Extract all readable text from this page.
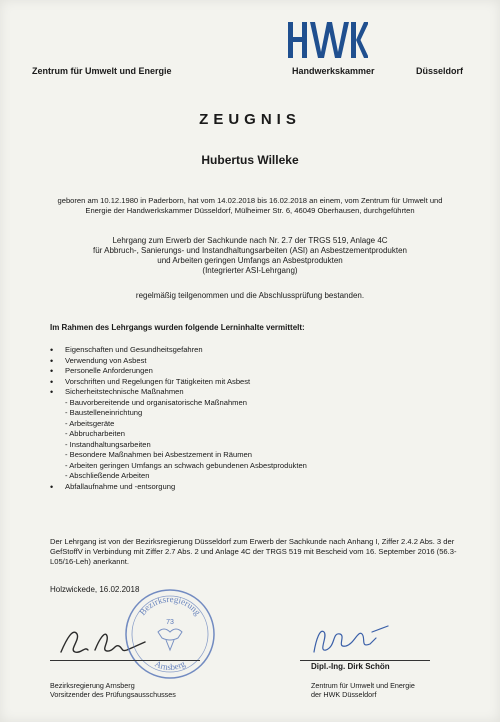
Zentrum für Umwelt und Energie	Handwerkskammer	Düsseldorf
ZEUGNIS
Hubertus Willeke
geboren am 10.12.1980 in Paderborn, hat vom 14.02.2018 bis 16.02.2018 an einem, vom Zentrum für Umwelt und Energie der Handwerkskammer Düsseldorf, Mülheimer Str. 6, 46049 Oberhausen, durchgeführten
Lehrgang zum Erwerb der Sachkunde nach Nr. 2.7 der TRGS 519, Anlage 4C
für Abbruch-, Sanierungs- und Instandhaltungsarbeiten (ASI) an Asbestzementprodukten
und Arbeiten geringen Umfangs an Asbestprodukten
(Integrierter ASI-Lehrgang)
regelmäßig teilgenommen und die Abschlussprüfung bestanden.
Im Rahmen des Lehrgangs wurden folgende Lerninhalte vermittelt:
• Eigenschaften und Gesundheitsgefahren
• Verwendung von Asbest
• Personelle Anforderungen
• Vorschriften und Regelungen für Tätigkeiten mit Asbest
• Sicherheitstechnische Maßnahmen
- Bauvorbereitende und organisatorische Maßnahmen
- Baustelleneinrichtung
- Arbeitsgeräte
- Abbrucharbeiten
- Instandhaltungsarbeiten
- Besondere Maßnahmen bei Asbestzement in Räumen
- Arbeiten geringen Umfangs an schwach gebundenen Asbestprodukten
- Abschließende Arbeiten
• Abfallaufnahme und -entsorgung
Der Lehrgang ist von der Bezirksregierung Düsseldorf zum Erwerb der Sachkunde nach Anhang I, Ziffer 2.4.2 Abs. 3 der GefStoffV in Verbindung mit Ziffer 2.7 Abs. 2 und Anlage 4C der TRGS 519 mit Bescheid vom 16. September 2016 (56.3-L05/16-Leh) anerkannt.
Holzwickede, 16.02.2018
Bezirksregierung
Arnsberg
73
Dipl.-Ing. Dirk Schön
Bezirksregierung Arnsberg
Vorsitzender des Prüfungsausschusses
Zentrum für Umwelt und Energie
der HWK Düsseldorf
